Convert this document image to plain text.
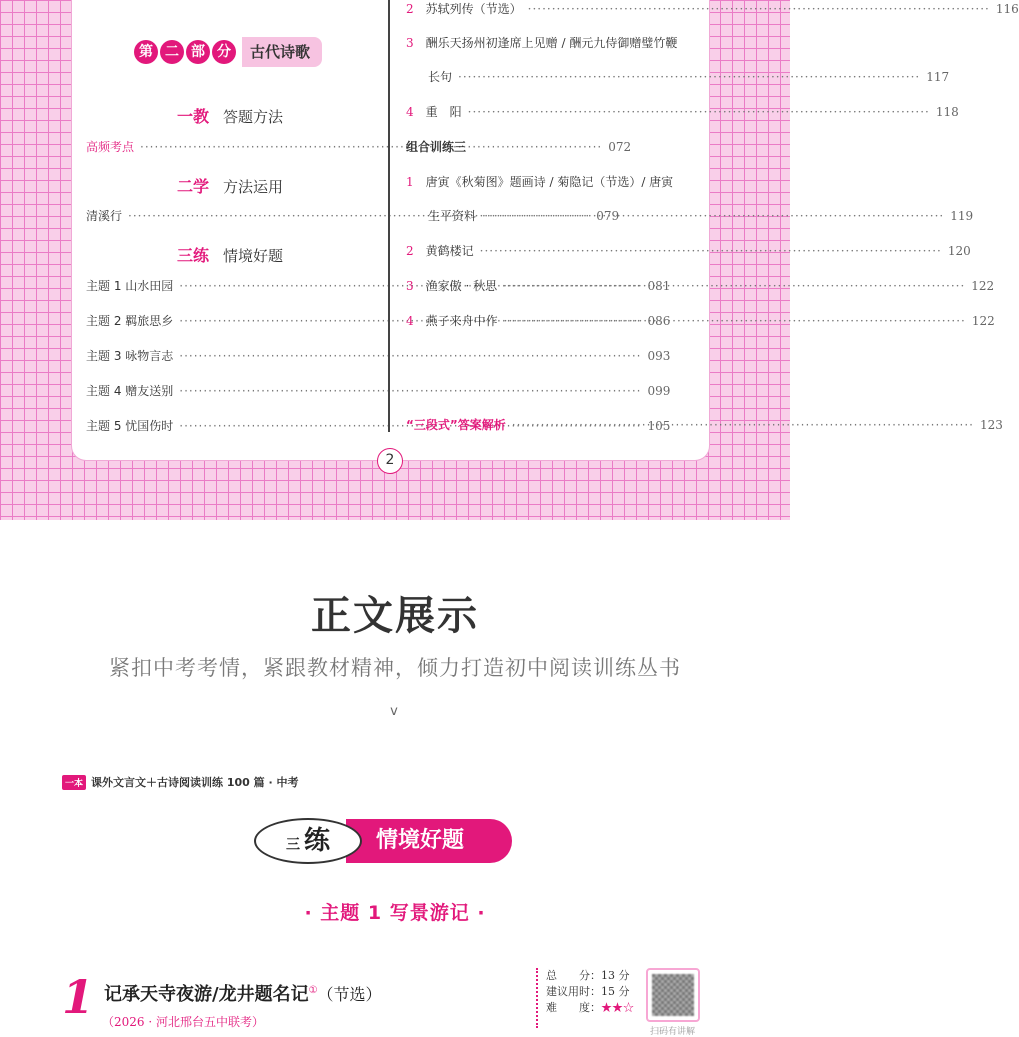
第 二 部 分	古代诗歌
一教 答题方法
高频考点 ·····	072
二学 方法运用
清溪行 ·····	079
三练 情境好题
主题 1 山水田园 ·····	081
主题 2 羁旅思乡 ·····	086
主题 3 咏物言志 ·····	093
主题 4 赠友送别 ·····	099
主题 5 忧国伤时 ·····	105
2 苏轼列传（节选） ·····	116
3 酬乐天扬州初逢席上见赠 / 酬元九侍御赠璧竹鞭
长句 ·····	117
4 重　阳 ·····	118
组合训练三
1 唐寅《秋菊图》题画诗 / 菊隐记（节选）/ 唐寅
生平资料 ·····	119
2 黄鹤楼记 ·····	120
3 渔家傲 · 秋思 ·····	122
4 燕子来舟中作 ·····	122
“三段式”答案解析 ·····	123
2
正文展示
紧扣中考考情，紧跟教材精神，倾力打造初中阅读训练丛书
v
一本 课外文言文＋古诗阅读训练 100 篇 · 中考
三 练	情境好题
· 主题 1 写景游记 ·
1 记承天寺夜游/龙井题名记①（节选）
（2026 · 河北邢台五中联考）
总　　分：13 分
建议用时：15 分
难　　度：★★☆
扫码有讲解
